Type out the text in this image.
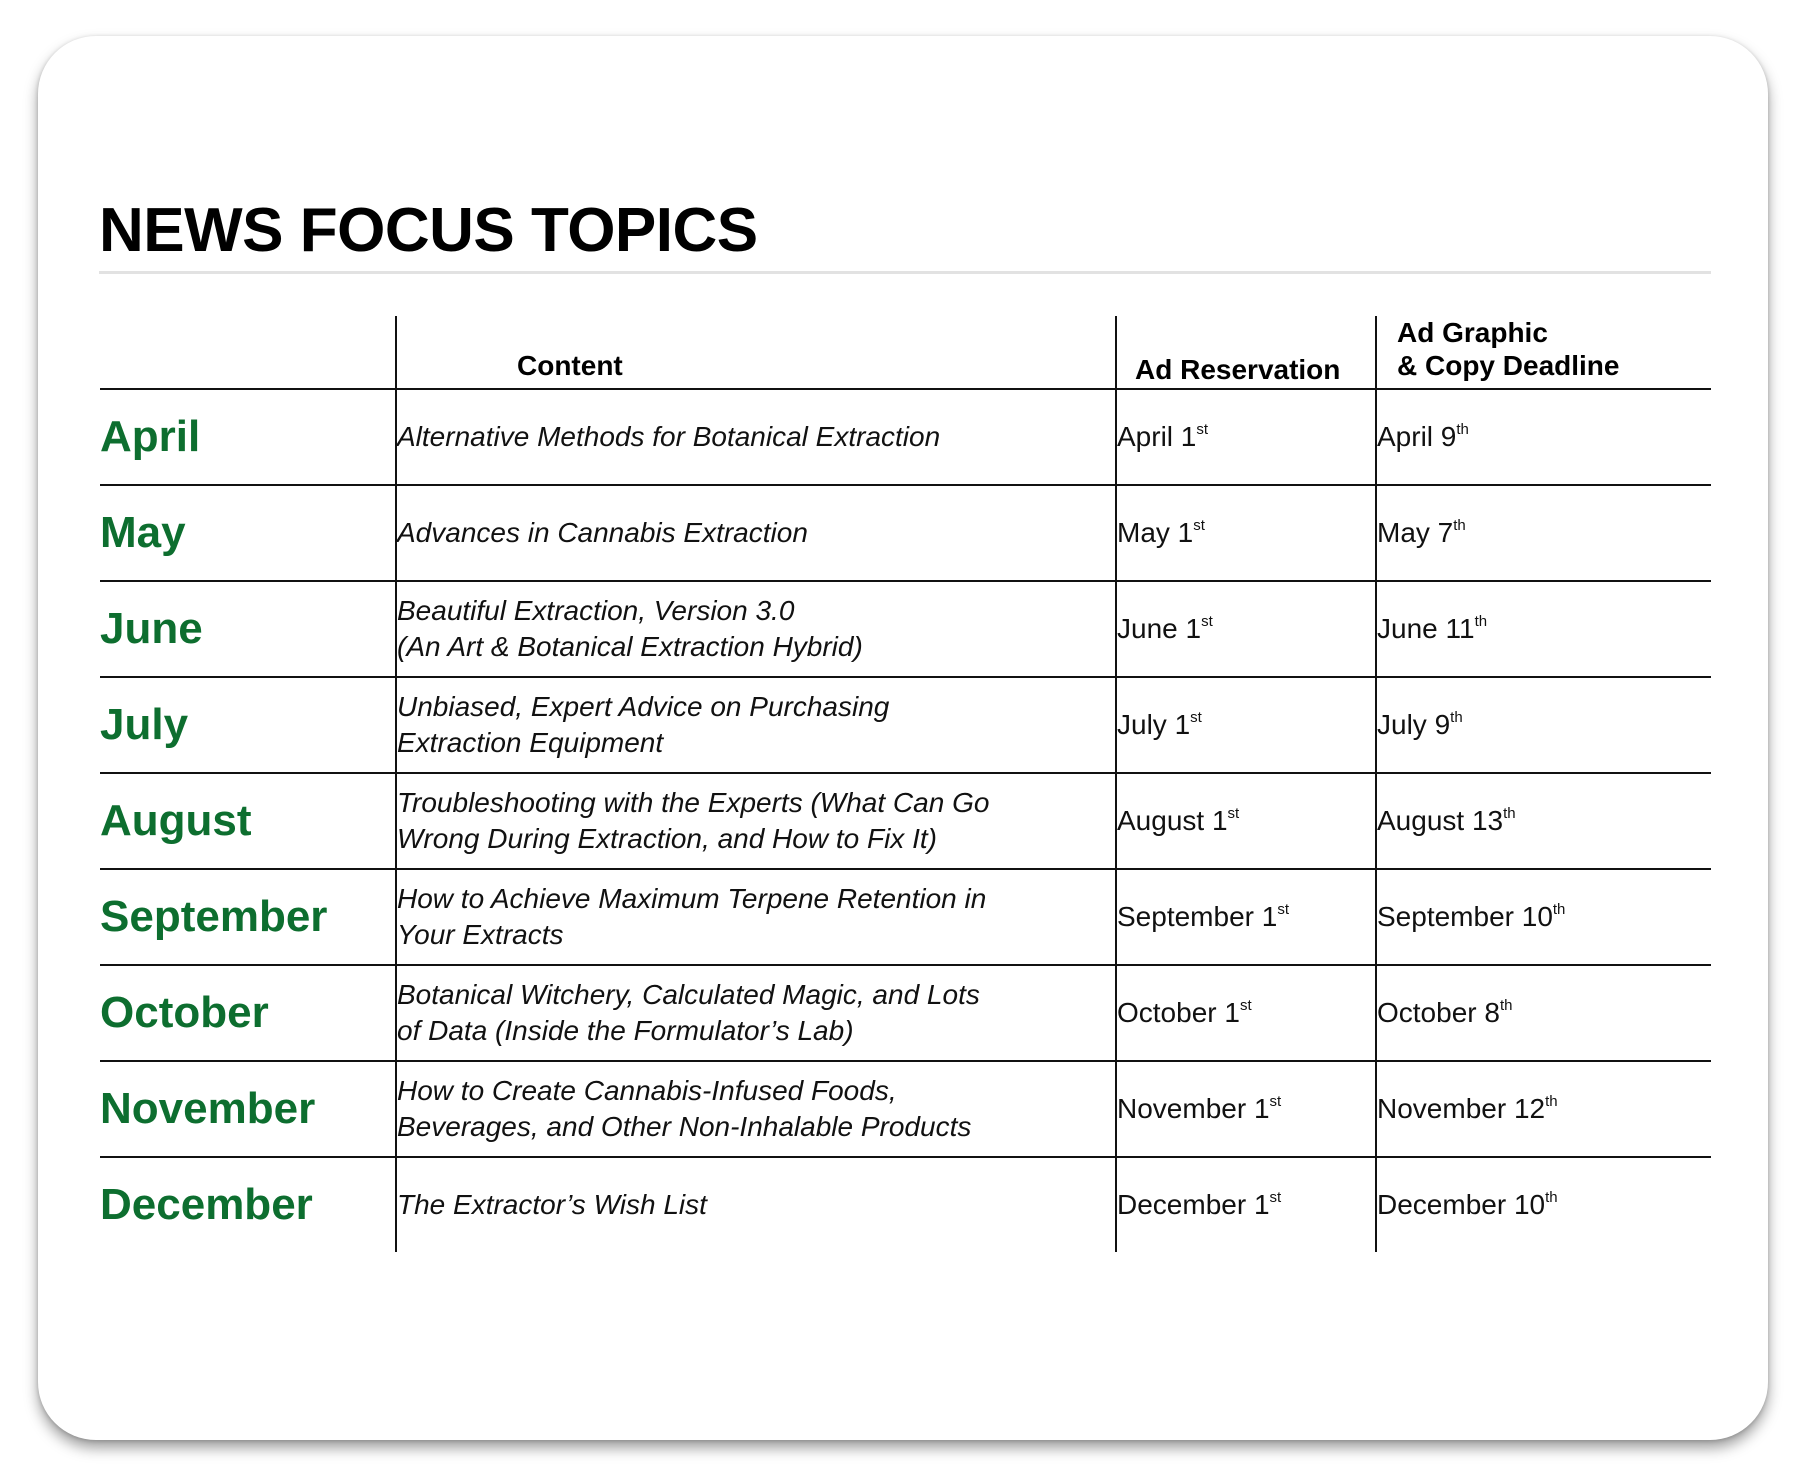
NEWS FOCUS TOPICS
	Content	Ad Reservation	Ad Graphic
& Copy Deadline

April	Alternative Methods for Botanical Extraction	April 1st	April 9th
May	Advances in Cannabis Extraction	May 1st	May 7th
June	Beautiful Extraction, Version 3.0
(An Art & Botanical Extraction Hybrid)	June 1st	June 11th
July	Unbiased, Expert Advice on Purchasing
Extraction Equipment	July 1st	July 9th
August	Troubleshooting with the Experts (What Can Go
Wrong During Extraction, and How to Fix It)	August 1st	August 13th
September	How to Achieve Maximum Terpene Retention in
Your Extracts	September 1st	September 10th
October	Botanical Witchery, Calculated Magic, and Lots
of Data (Inside the Formulator’s Lab)	October 1st	October 8th
November	How to Create Cannabis-Infused Foods,
Beverages, and Other Non-Inhalable Products	November 1st	November 12th
December	The Extractor’s Wish List	December 1st	December 10th
